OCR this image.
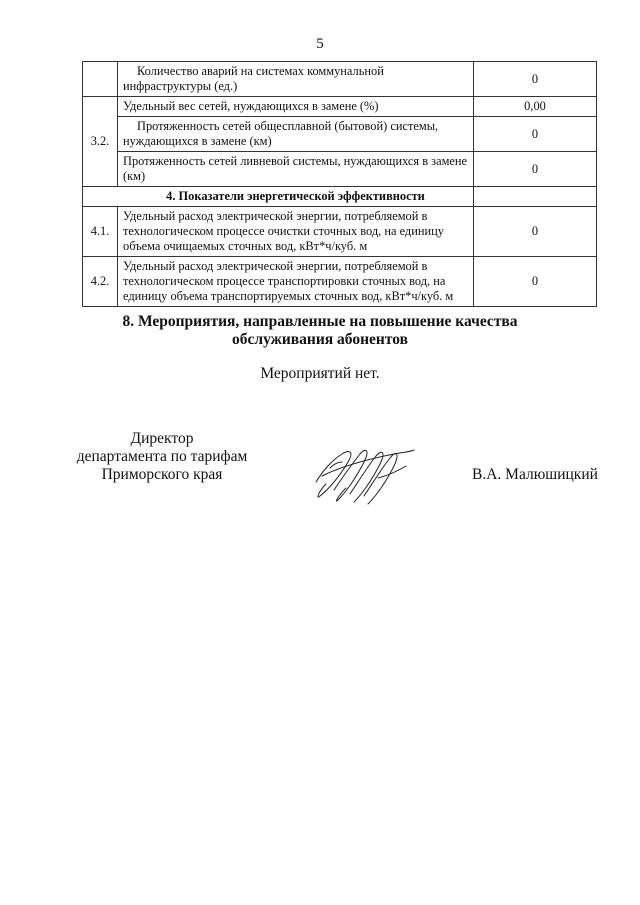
5
	Количество аварий на системах коммунальной инфраструктуры (ед.)	0
3.2.	Удельный вес сетей, нуждающихся в замене (%)	0,00
	Протяженность сетей общесплавной (бытовой) системы, нуждающихся в замене (км)	0
	Протяженность сетей ливневой системы, нуждающихся в замене (км)	0
4. Показатели энергетической эффективности		
4.1.	Удельный расход электрической энергии, потребляемой в технологическом процессе очистки сточных вод, на единицу объема очищаемых сточных вод, кВт*ч/куб. м	0
4.2.	Удельный расход электрической энергии, потребляемой в технологическом процессе транспортировки сточных вод, на единицу объема транспортируемых сточных вод, кВт*ч/куб. м	0
8. Мероприятия, направленные на повышение качества
обслуживания абонентов
Мероприятий нет.
Директор
департамента по тарифам
Приморского края	В.А. Малюшицкий
